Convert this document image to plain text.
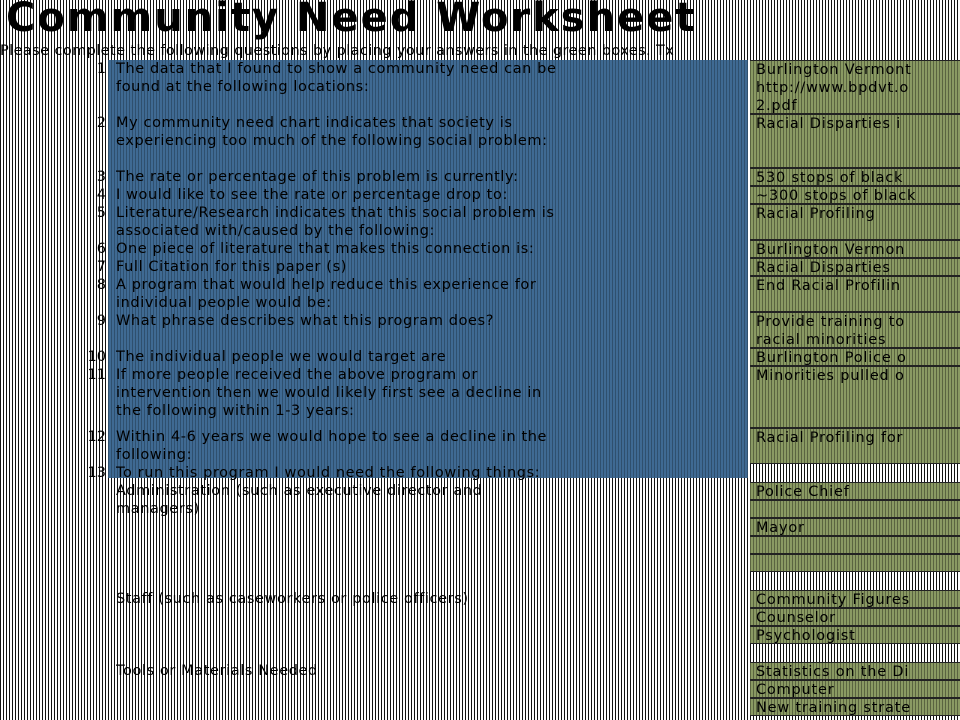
Community Need Worksheet
Please complete the following questions by placing your answers in the green boxes. Tx
1 The data that I found to show a community need can be
found at the following locations:
2 My community need chart indicates that society is
experiencing too much of the following social problem:
3 The rate or percentage of this problem is currently:
4 I would like to see the rate or percentage drop to:
5 Literature/Research indicates that this social problem is
associated with/caused by the following:
6 One piece of literature that makes this connection is:
7 Full Citation for this paper (s)
8 A program that would help reduce this experience for
individual people would be:
9 What phrase describes what this program does?
10 The individual people we would target are
11 If more people received the above program or
intervention then we would likely first see a decline in
the following within 1-3 years:
12 Within 4-6 years we would hope to see a decline in the
following:
13 To run this program I would need the following things:
Administration (such as executive director and
managers)
Staff (such as caseworkers or police officers)
Tools or Materials Needed
Burlington Vermont
http://www.bpdvt.o
2.pdf
Racial Disparties i
530 stops of black
~300 stops of black
Racial Profiling
Burlington Vermon
Racial Disparties
End Racial Profilin
Provide training to
racial minorities
Burlington Police o
Minorities pulled o
Racial Profiling for
Police Chief
Mayor
Community Figures
Counselor
Psychologist
Statistics on the Di
Computer
New training strate
